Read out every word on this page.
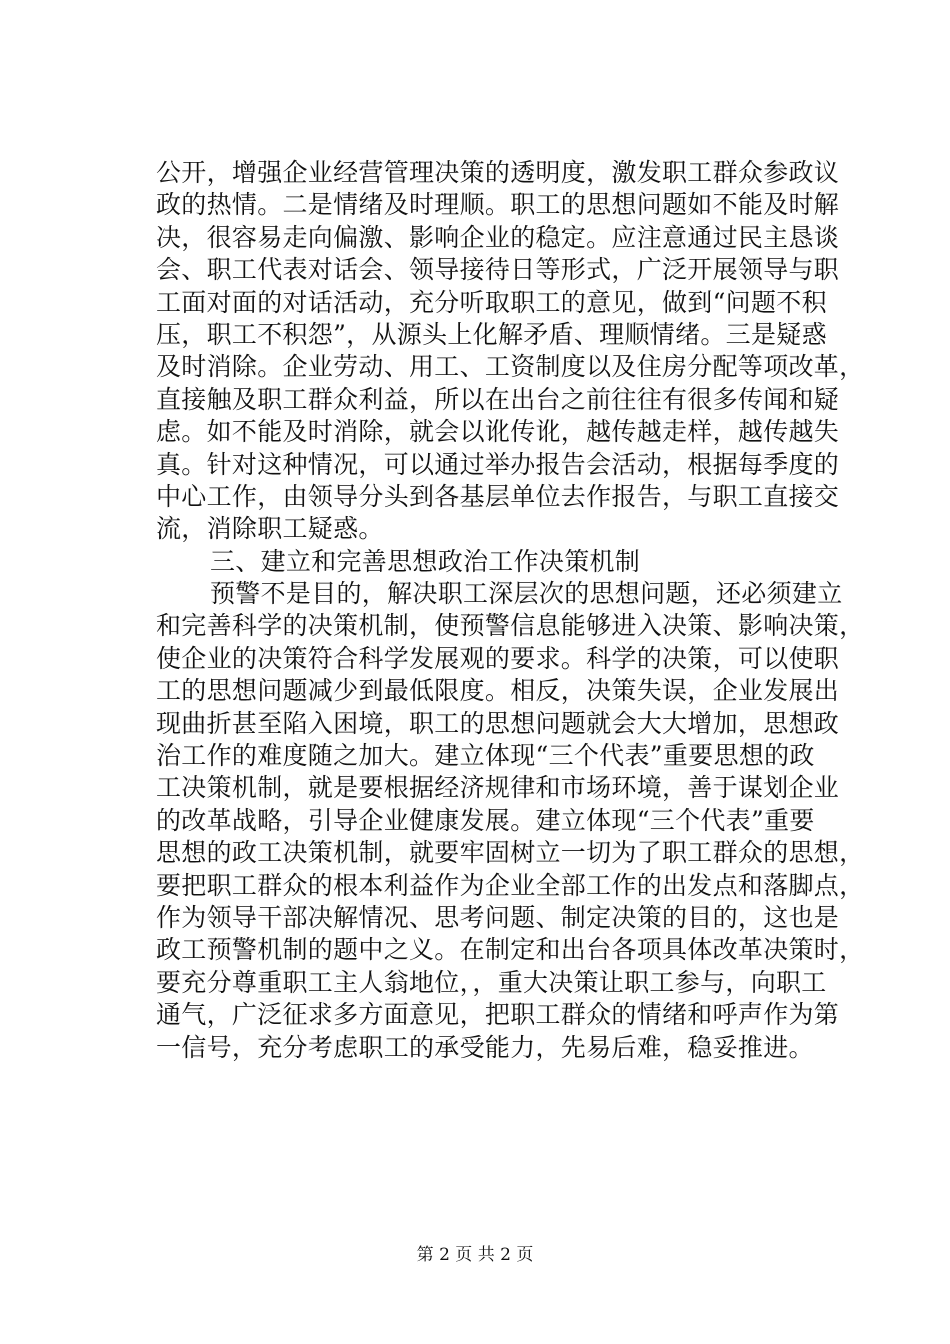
公开，增强企业经营管理决策的透明度，激发职工群众参政议
政的热情。二是情绪及时理顺。职工的思想问题如不能及时解
决，很容易走向偏激、影响企业的稳定。应注意通过民主恳谈
会、职工代表对话会、领导接待日等形式，广泛开展领导与职
工面对面的对话活动，充分听取职工的意见，做到“问题不积
压，职工不积怨”，从源头上化解矛盾、理顺情绪。三是疑惑
及时消除。企业劳动、用工、工资制度以及住房分配等项改革，
直接触及职工群众利益，所以在出台之前往往有很多传闻和疑
虑。如不能及时消除，就会以讹传讹，越传越走样，越传越失
真。针对这种情况，可以通过举办报告会活动，根据每季度的
中心工作，由领导分头到各基层单位去作报告，与职工直接交
流，消除职工疑惑。
三、建立和完善思想政治工作决策机制
预警不是目的，解决职工深层次的思想问题，还必须建立
和完善科学的决策机制，使预警信息能够进入决策、影响决策，
使企业的决策符合科学发展观的要求。科学的决策，可以使职
工的思想问题减少到最低限度。相反，决策失误，企业发展出
现曲折甚至陷入困境，职工的思想问题就会大大增加，思想政
治工作的难度随之加大。建立体现“三个代表”重要思想的政
工决策机制，就是要根据经济规律和市场环境，善于谋划企业
的改革战略，引导企业健康发展。建立体现“三个代表”重要
思想的政工决策机制，就要牢固树立一切为了职工群众的思想，
要把职工群众的根本利益作为企业全部工作的出发点和落脚点，
作为领导干部决解情况、思考问题、制定决策的目的，这也是
政工预警机制的题中之义。在制定和出台各项具体改革决策时，
要充分尊重职工主人翁地位，，重大决策让职工参与，向职工
通气，广泛征求多方面意见，把职工群众的情绪和呼声作为第
一信号，充分考虑职工的承受能力，先易后难，稳妥推进。
第 2 页 共 2 页
